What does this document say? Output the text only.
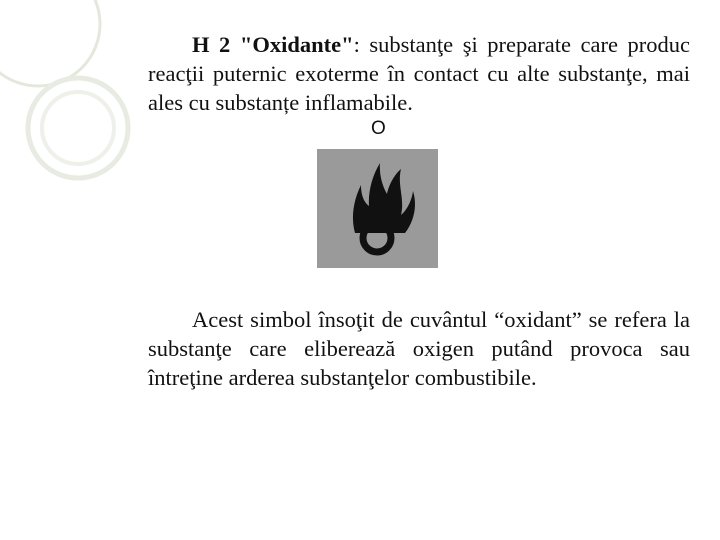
H 2 "Oxidante": substanţe şi preparate care produc reacţii puternic exoterme în contact cu alte substanţe, mai ales cu substanțe inflamabile.

O

Acest simbol însoţit de cuvântul “oxidant” se refera la substanţe care eliberează oxigen putând provoca sau întreţine arderea substanţelor combustibile.
